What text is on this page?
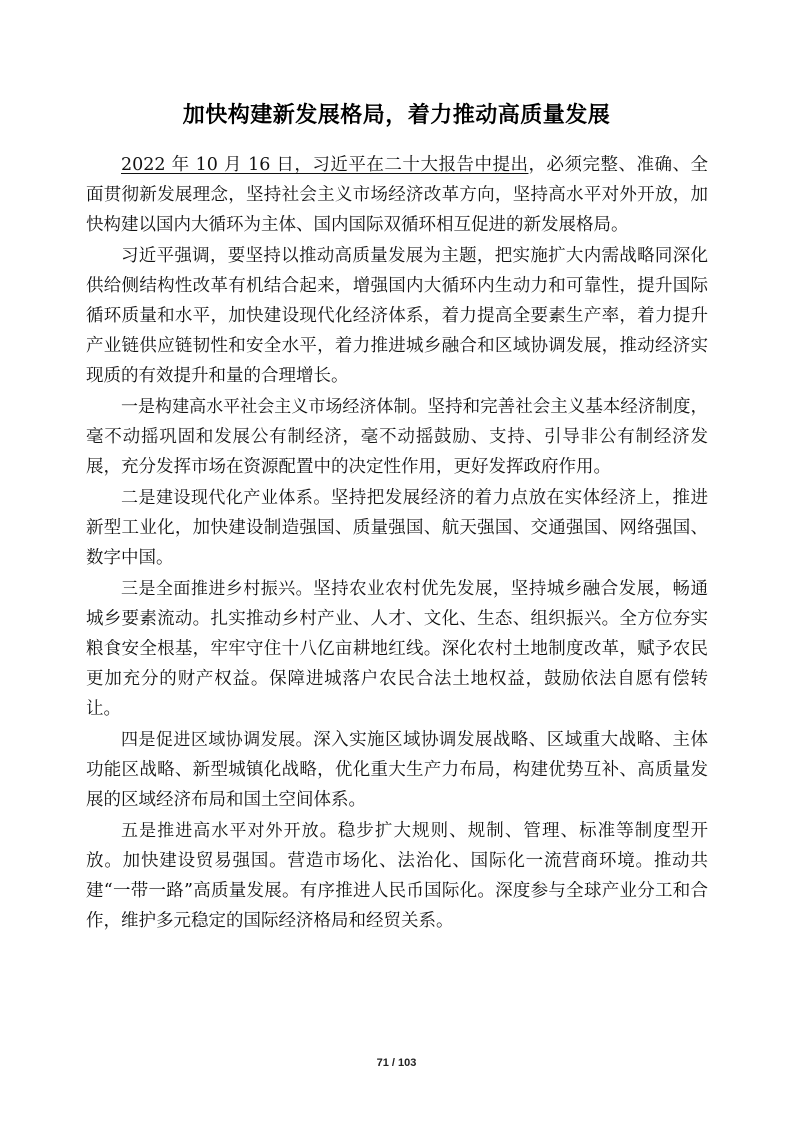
加快构建新发展格局，着力推动高质量发展

2022 年 10 月 16 日，习近平在二十大报告中提出，必须完整、准确、全面贯彻新发展理念，坚持社会主义市场经济改革方向，坚持高水平对外开放，加快构建以国内大循环为主体、国内国际双循环相互促进的新发展格局。

习近平强调，要坚持以推动高质量发展为主题，把实施扩大内需战略同深化供给侧结构性改革有机结合起来，增强国内大循环内生动力和可靠性，提升国际循环质量和水平，加快建设现代化经济体系，着力提高全要素生产率，着力提升产业链供应链韧性和安全水平，着力推进城乡融合和区域协调发展，推动经济实现质的有效提升和量的合理增长。

一是构建高水平社会主义市场经济体制。坚持和完善社会主义基本经济制度，毫不动摇巩固和发展公有制经济，毫不动摇鼓励、支持、引导非公有制经济发展，充分发挥市场在资源配置中的决定性作用，更好发挥政府作用。

二是建设现代化产业体系。坚持把发展经济的着力点放在实体经济上，推进新型工业化，加快建设制造强国、质量强国、航天强国、交通强国、网络强国、数字中国。

三是全面推进乡村振兴。坚持农业农村优先发展，坚持城乡融合发展，畅通城乡要素流动。扎实推动乡村产业、人才、文化、生态、组织振兴。全方位夯实粮食安全根基，牢牢守住十八亿亩耕地红线。深化农村土地制度改革，赋予农民更加充分的财产权益。保障进城落户农民合法土地权益，鼓励依法自愿有偿转让。

四是促进区域协调发展。深入实施区域协调发展战略、区域重大战略、主体功能区战略、新型城镇化战略，优化重大生产力布局，构建优势互补、高质量发展的区域经济布局和国土空间体系。

五是推进高水平对外开放。稳步扩大规则、规制、管理、标准等制度型开放。加快建设贸易强国。营造市场化、法治化、国际化一流营商环境。推动共建“一带一路”高质量发展。有序推进人民币国际化。深度参与全球产业分工和合作，维护多元稳定的国际经济格局和经贸关系。

71 / 103
